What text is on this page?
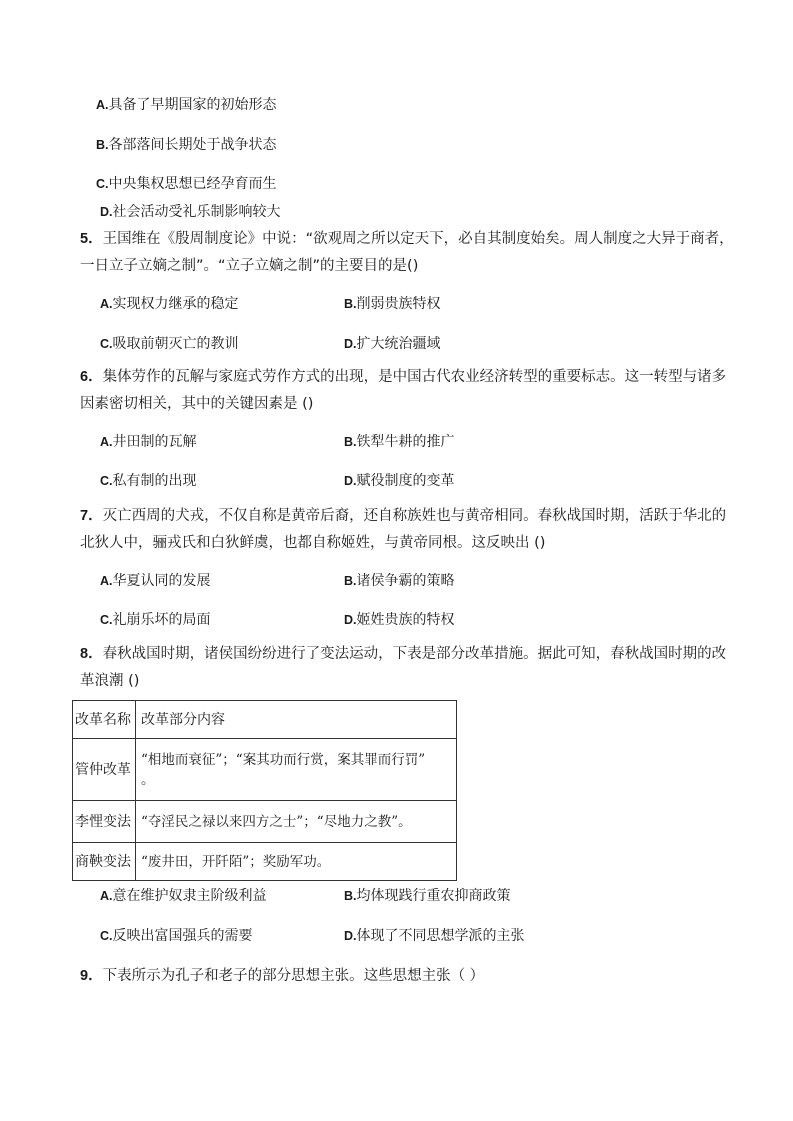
A.具备了早期国家的初始形态
B.各部落间长期处于战争状态
C.中央集权思想已经孕育而生
D.社会活动受礼乐制影响较大
5．王国维在《殷周制度论》中说：“欲观周之所以定天下，必自其制度始矣。周人制度之大异于商者，
一日立子立嫡之制”。“立子立嫡之制”的主要目的是()
A.实现权力继承的稳定	B.削弱贵族特权
C.吸取前朝灭亡的教训	D.扩大统治疆域
6．集体劳作的瓦解与家庭式劳作方式的出现，是中国古代农业经济转型的重要标志。这一转型与诸多
因素密切相关，其中的关键因素是 ()
A.井田制的瓦解	B.铁犁牛耕的推广
C.私有制的出现	D.赋役制度的变革
7．灭亡西周的犬戎，不仅自称是黄帝后裔，还自称族姓也与黄帝相同。春秋战国时期，活跃于华北的
北狄人中，骊戎氏和白狄鲜虞，也都自称姬姓，与黄帝同根。这反映出 ()
A.华夏认同的发展	B.诸侯争霸的策略
C.礼崩乐坏的局面	D.姬姓贵族的特权
8．春秋战国时期，诸侯国纷纷进行了变法运动，下表是部分改革措施。据此可知，春秋战国时期的改
革浪潮 ()
改革名称	改革部分内容
管仲改革	“相地而衰征”；“案其功而行赏，案其罪而行罚”
。

李悝变法	“夺淫民之禄以来四方之士”；“尽地力之教”。
商鞅变法	“废井田，开阡陌”；奖励军功。
A.意在维护奴隶主阶级利益	B.均体现践行重农抑商政策
C.反映出富国强兵的需要	D.体现了不同思想学派的主张
9．下表所示为孔子和老子的部分思想主张。这些思想主张（ ）
